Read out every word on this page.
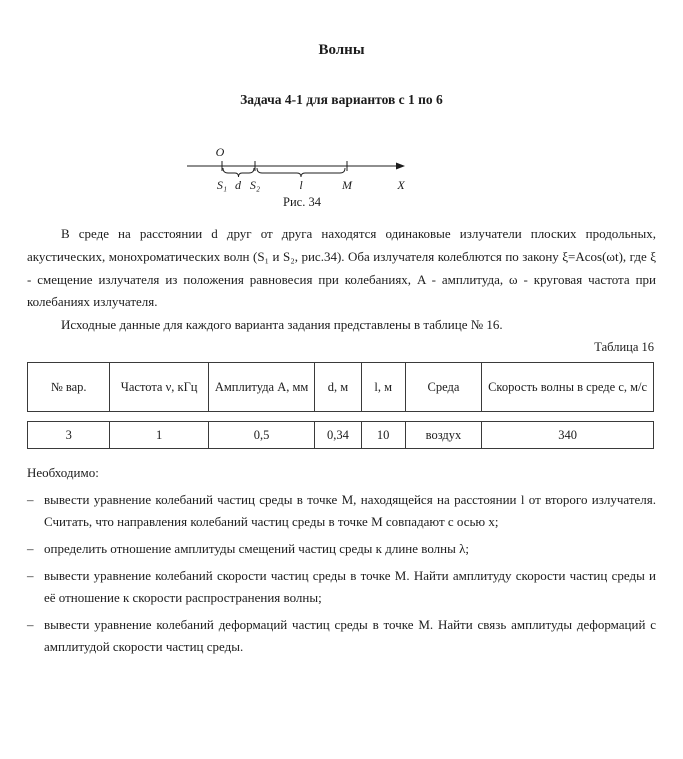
Волны
Задача 4-1 для вариантов с 1 по 6
O
S₁ d S₂	l	M	X
Рис. 34

В среде на расстоянии d друг от друга находятся одинаковые излучатели плоских продольных, акустических, монохроматических волн (S₁ и S₂, рис.34). Оба излучателя колеблются по закону ξ=Acos(ωt), где ξ - смещение излучателя из положения равновесия при колебаниях, A - амплитуда, ω - круговая частота при колебаниях излучателя.

Исходные данные для каждого варианта задания представлены в таблице № 16.

Таблица 16
№ вар.	Частота ν, кГц	Амплитуда A, мм	d, м	l, м	Среда	Скорость волны в среде c, м/с
3	1	0,5	0,34	10	воздух	340
Необходимо:
– вывести уравнение колебаний частиц среды в точке М, находящейся на расстоянии l от второго излучателя. Считать, что направления колебаний частиц среды в точке М совпадают с осью x;
– определить отношение амплитуды смещений частиц среды к длине волны λ;
– вывести уравнение колебаний скорости частиц среды в точке М. Найти амплитуду скорости частиц среды и её отношение к скорости распространения волны;
– вывести уравнение колебаний деформаций частиц среды в точке М. Найти связь амплитуды деформаций с амплитудой скорости частиц среды.
